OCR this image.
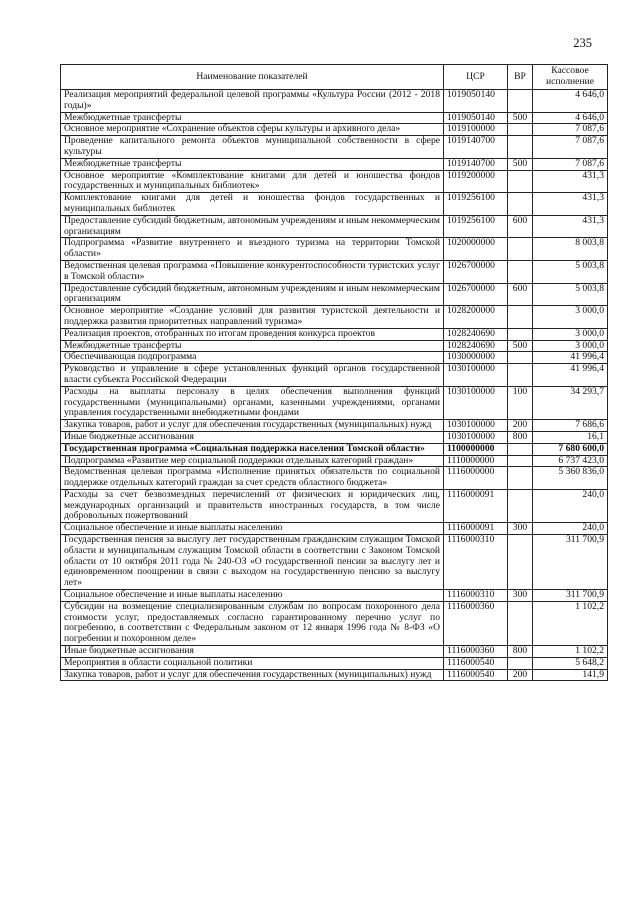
235
Наименование показателей	ЦСР	ВР	Кассовое исполнение
Реализация мероприятий федеральной целевой программы «Культура России (2012 - 2018 годы)»	1019050140		4 646,0
Межбюджетные трансферты	1019050140	500	4 646,0
Основное мероприятие «Сохранение объектов сферы культуры и архивного дела»	1019100000		7 087,6
Проведение капитального ремонта объектов муниципальной собственности в сфере культуры	1019140700		7 087,6
Межбюджетные трансферты	1019140700	500	7 087,6
Основное мероприятие «Комплектование книгами для детей и юношества фондов государственных и муниципальных библиотек»	1019200000		431,3
Комплектование книгами для детей и юношества фондов государственных и муниципальных библиотек	1019256100		431,3
Предоставление субсидий бюджетным, автономным учреждениям и иным некоммерческим организациям	1019256100	600	431,3
Подпрограмма «Развитие внутреннего и въездного туризма на территории Томской области»	1020000000		8 003,8
Ведомственная целевая программа «Повышение конкурентоспособности туристских услуг в Томской области»	1026700000		5 003,8
Предоставление субсидий бюджетным, автономным учреждениям и иным некоммерческим организациям	1026700000	600	5 003,8
Основное мероприятие «Создание условий для развития туристской деятельности и поддержка развития приоритетных направлений туризма»	1028200000		3 000,0
Реализация проектов, отобранных по итогам проведения конкурса проектов	1028240690		3 000,0
Межбюджетные трансферты	1028240690	500	3 000,0
Обеспечивающая подпрограмма	1030000000		41 996,4
Руководство и управление в сфере установленных функций органов государственной власти субъекта Российской Федерации	1030100000		41 996,4
Расходы на выплаты персоналу в целях обеспечения выполнения функций государственными (муниципальными) органами, казенными учреждениями, органами управления государственными внебюджетными фондами	1030100000	100	34 293,7
Закупка товаров, работ и услуг для обеспечения государственных (муниципальных) нужд	1030100000	200	7 686,6
Иные бюджетные ассигнования	1030100000	800	16,1
Государственная программа «Социальная поддержка населения Томской области»	1100000000		7 680 600,0
Подпрограмма «Развитие мер социальной поддержки отдельных категорий граждан»	1110000000		6 737 423,0
Ведомственная целевая программа «Исполнение принятых обязательств по социальной поддержке отдельных категорий граждан за счет средств областного бюджета»	1116000000		5 360 836,0
Расходы за счет безвозмездных перечислений от физических и юридических лиц, международных организаций и правительств иностранных государств, в том числе добровольных пожертвований	1116000091		240,0
Социальное обеспечение и иные выплаты населению	1116000091	300	240,0
Государственная пенсия за выслугу лет государственным гражданским служащим Томской области и муниципальным служащим Томской области в соответствии с Законом Томской области от 10 октября 2011 года № 240-ОЗ «О государственной пенсии за выслугу лет и единовременном поощрении в связи с выходом на государственную пенсию за выслугу лет»	1116000310		311 700,9
Социальное обеспечение и иные выплаты населению	1116000310	300	311 700,9
Субсидии на возмещение специализированным службам по вопросам похоронного дела стоимости услуг, предоставляемых согласно гарантированному перечню услуг по погребению, в соответствии с Федеральным законом от 12 января 1996 года № 8-ФЗ «О погребении и похоронном деле»	1116000360		1 102,2
Иные бюджетные ассигнования	1116000360	800	1 102,2
Мероприятия в области социальной политики	1116000540		5 648,2
Закупка товаров, работ и услуг для обеспечения государственных (муниципальных) нужд	1116000540	200	141,9
